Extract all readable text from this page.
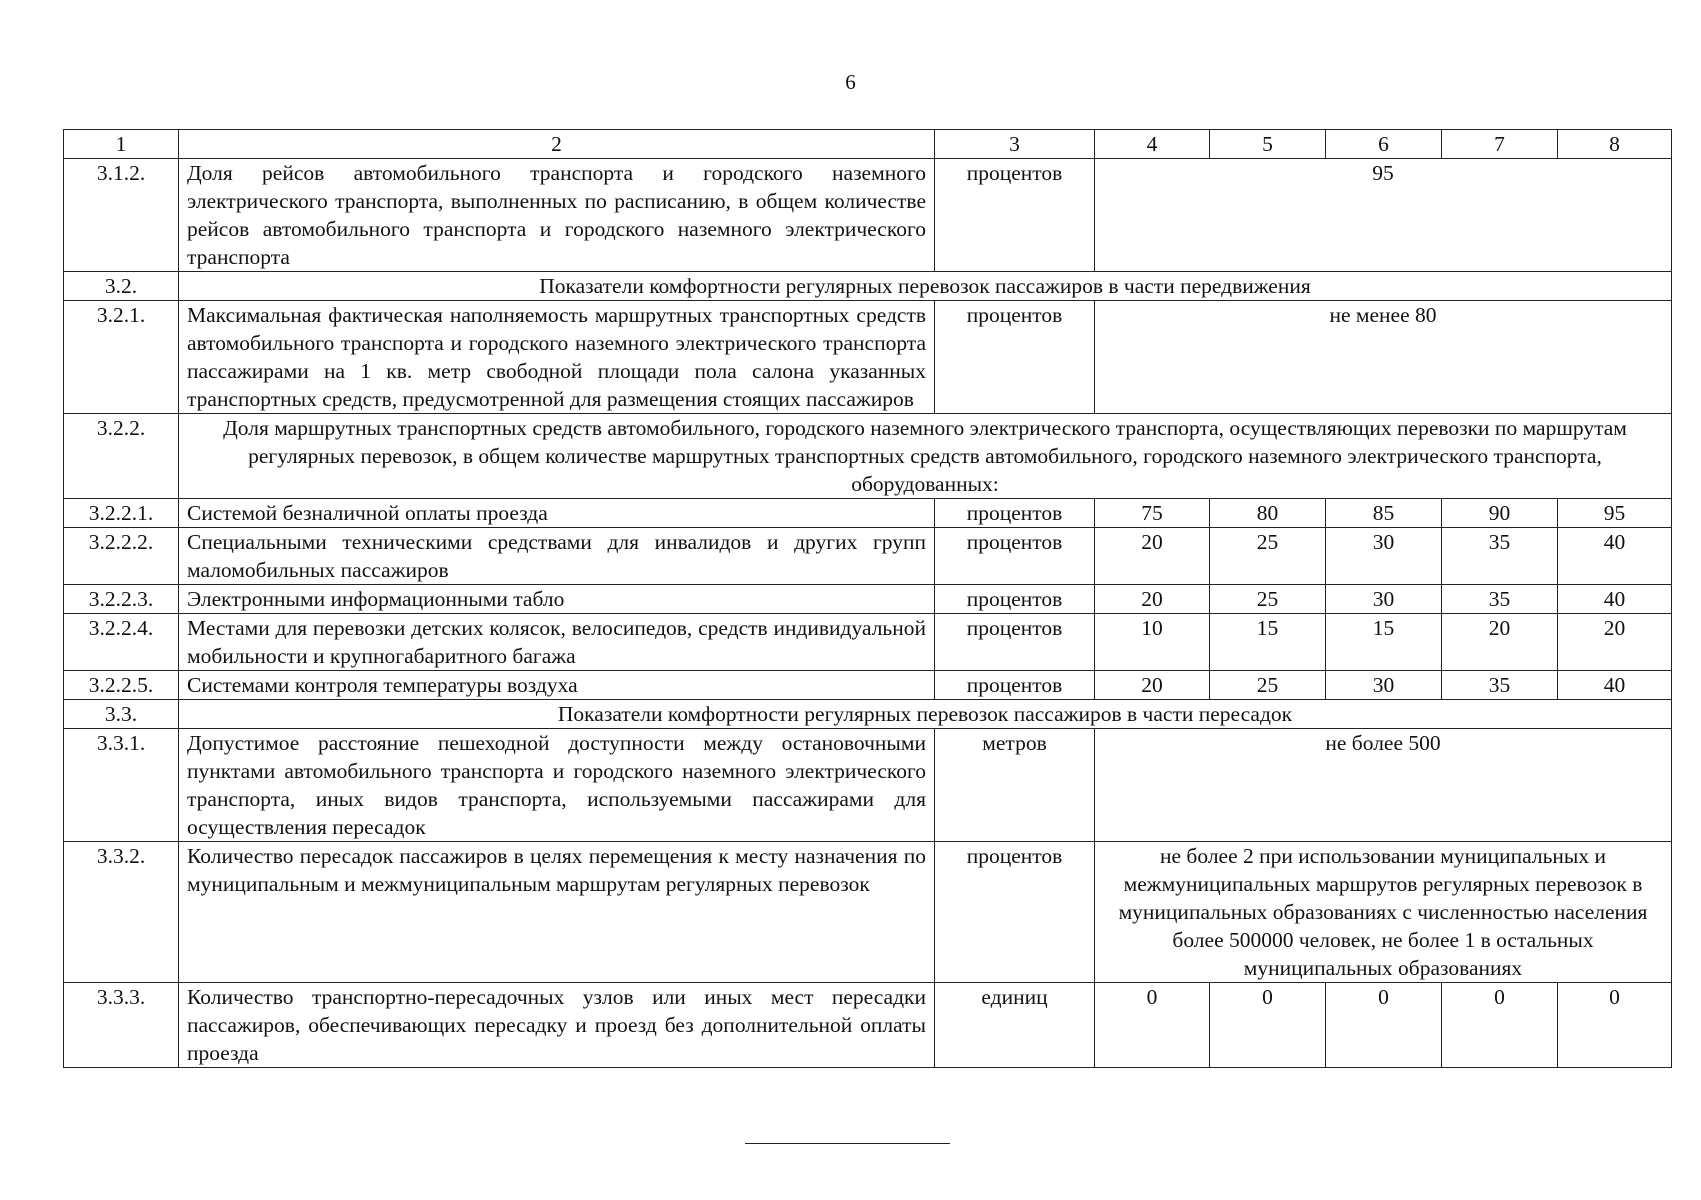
6
1	2	3	4	5	6	7	8
3.1.2.	Доля рейсов автомобильного транспорта и городского наземного электрического транспорта, выполненных по расписанию, в общем количестве рейсов автомобильного транспорта и городского наземного электрического транспорта	процентов	95				
3.2.	Показатели комфортности регулярных перевозок пассажиров в части передвижения						
3.2.1.	Максимальная фактическая наполняемость маршрутных транспортных средств автомобильного транспорта и городского наземного электрического транспорта пассажирами на 1 кв. метр свободной площади пола салона указанных транспортных средств, предусмотренной для размещения стоящих пассажиров	процентов	не менее 80				
3.2.2.	Доля маршрутных транспортных средств автомобильного, городского наземного электрического транспорта, осуществляющих перевозки по маршрутам регулярных перевозок, в общем количестве маршрутных транспортных средств автомобильного, городского наземного электрического транспорта, оборудованных:						
3.2.2.1.	Системой безналичной оплаты проезда	процентов	75	80	85	90	95
3.2.2.2.	Специальными техническими средствами для инвалидов и других групп маломобильных пассажиров	процентов	20	25	30	35	40
3.2.2.3.	Электронными информационными табло	процентов	20	25	30	35	40
3.2.2.4.	Местами для перевозки детских колясок, велосипедов, средств индивидуальной мобильности и крупногабаритного багажа	процентов	10	15	15	20	20
3.2.2.5.	Системами контроля температуры воздуха	процентов	20	25	30	35	40
3.3.	Показатели комфортности регулярных перевозок пассажиров в части пересадок						
3.3.1.	Допустимое расстояние пешеходной доступности между остановочными пунктами автомобильного транспорта и городского наземного электрического транспорта, иных видов транспорта, используемыми пассажирами для осуществления пересадок	метров	не более 500				
3.3.2.	Количество пересадок пассажиров в целях перемещения к месту назначения по муниципальным и межмуниципальным маршрутам регулярных перевозок	процентов	не более 2 при использовании муниципальных и межмуниципальных маршрутов регулярных перевозок в муниципальных образованиях с численностью населения более 500000 человек, не более 1 в остальных муниципальных образованиях				
3.3.3.	Количество транспортно-пересадочных узлов или иных мест пересадки пассажиров, обеспечивающих пересадку и проезд без дополнительной оплаты проезда	единиц	0	0	0	0	0
